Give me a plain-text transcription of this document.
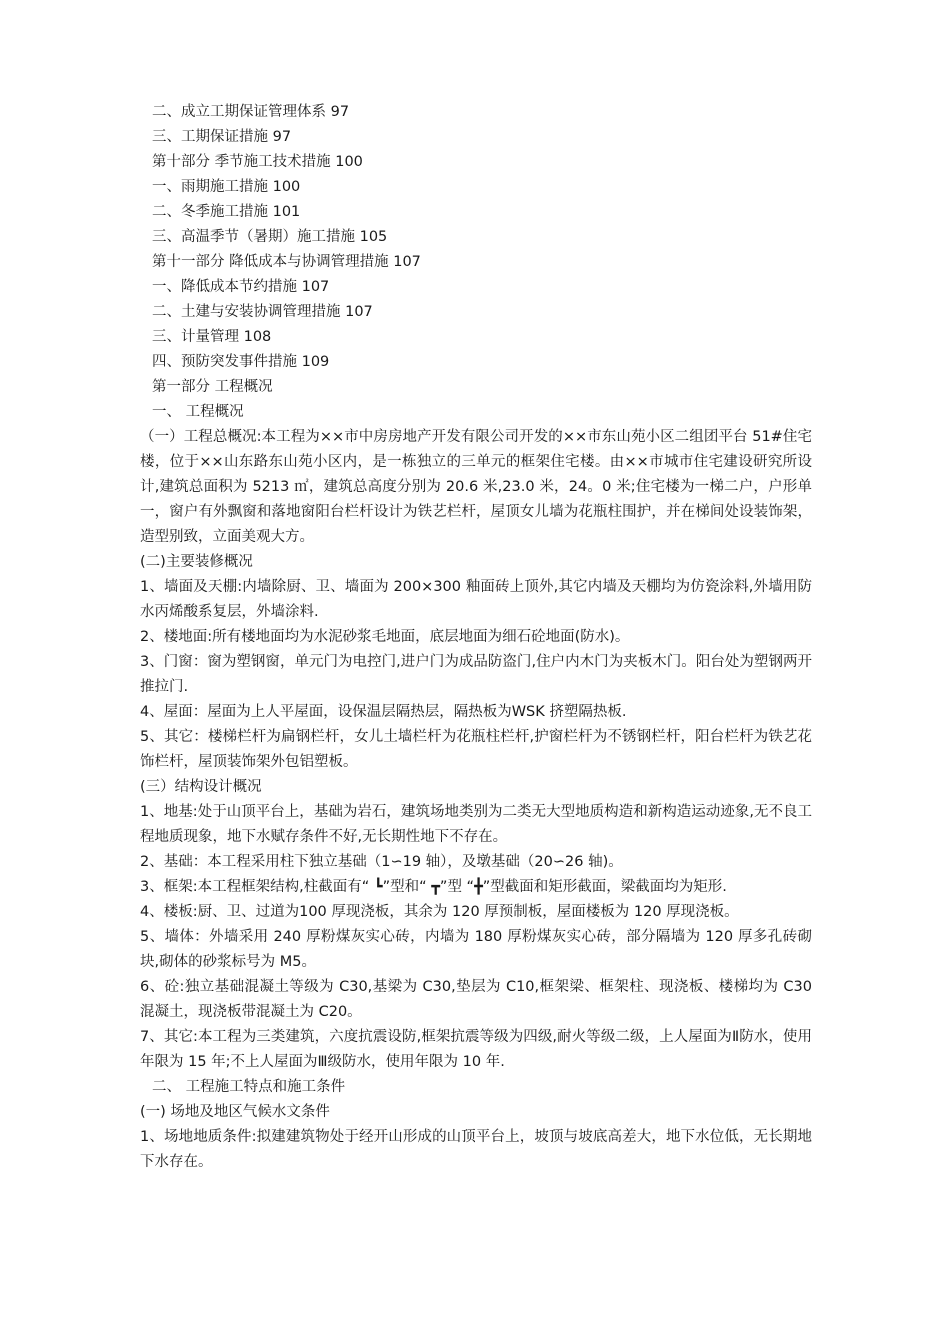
二、成立工期保证管理体系 97
三、工期保证措施 97
第十部分 季节施工技术措施 100
一、雨期施工措施 100
二、冬季施工措施 101
三、高温季节（暑期）施工措施 105
第十一部分 降低成本与协调管理措施 107
一、降低成本节约措施 107
二、土建与安装协调管理措施 107
三、计量管理 108
四、预防突发事件措施 109
第一部分 工程概况
一、 工程概况
（一）工程总概况:本工程为××市中房房地产开发有限公司开发的××市东山苑小区二组团平台 51#住宅楼，位于××山东路东山苑小区内，是一栋独立的三单元的框架住宅楼。由××市城市住宅建设研究所设计,建筑总面积为 5213 ㎡，建筑总高度分别为 20.6 米,23.0 米，24。0 米;住宅楼为一梯二户，户形单一，窗户有外飘窗和落地窗阳台栏杆设计为铁艺栏杆，屋顶女儿墙为花瓶柱围护，并在梯间处设装饰架，造型别致，立面美观大方。
(二)主要装修概况
1、墙面及天棚:内墙除厨、卫、墙面为 200×300 釉面砖上顶外,其它内墙及天棚均为仿瓷涂料,外墙用防水丙烯酸系复层，外墙涂料.
2、楼地面:所有楼地面均为水泥砂浆毛地面，底层地面为细石砼地面(防水)。
3、门窗：窗为塑钢窗，单元门为电控门,进户门为成品防盗门,住户内木门为夹板木门。阳台处为塑钢两开推拉门.
4、屋面：屋面为上人平屋面，设保温层隔热层，隔热板为WSK 挤塑隔热板.
5、其它：楼梯栏杆为扁钢栏杆，女儿土墙栏杆为花瓶柱栏杆,护窗栏杆为不锈钢栏杆，阳台栏杆为铁艺花饰栏杆，屋顶装饰架外包铝塑板。
(三）结构设计概况
1、地基:处于山顶平台上，基础为岩石，建筑场地类别为二类无大型地质构造和新构造运动迹象,无不良工程地质现象，地下水赋存条件不好,无长期性地下不存在。
2、基础：本工程采用柱下独立基础（1∽19 轴），及墩基础（20∽26 轴)。
3、框架:本工程框架结构,柱截面有“ ┗”型和“ ┳”型 “╋”型截面和矩形截面，梁截面均为矩形.
4、楼板:厨、卫、过道为100 厚现浇板，其余为 120 厚预制板，屋面楼板为 120 厚现浇板。
5、墙体：外墙采用 240 厚粉煤灰实心砖，内墙为 180 厚粉煤灰实心砖，部分隔墙为 120 厚多孔砖砌块,砌体的砂浆标号为 M5。
6、砼:独立基础混凝土等级为 C30,基梁为 C30,垫层为 C10,框架梁、框架柱、现浇板、楼梯均为 C30 混凝土，现浇板带混凝土为 C20。
7、其它:本工程为三类建筑，六度抗震设防,框架抗震等级为四级,耐火等级二级，上人屋面为Ⅱ防水，使用年限为 15 年;不上人屋面为Ⅲ级防水，使用年限为 10 年.
二、 工程施工特点和施工条件
(一) 场地及地区气候水文条件
1、场地地质条件:拟建建筑物处于经开山形成的山顶平台上，坡顶与坡底高差大，地下水位低，无长期地下水存在。
